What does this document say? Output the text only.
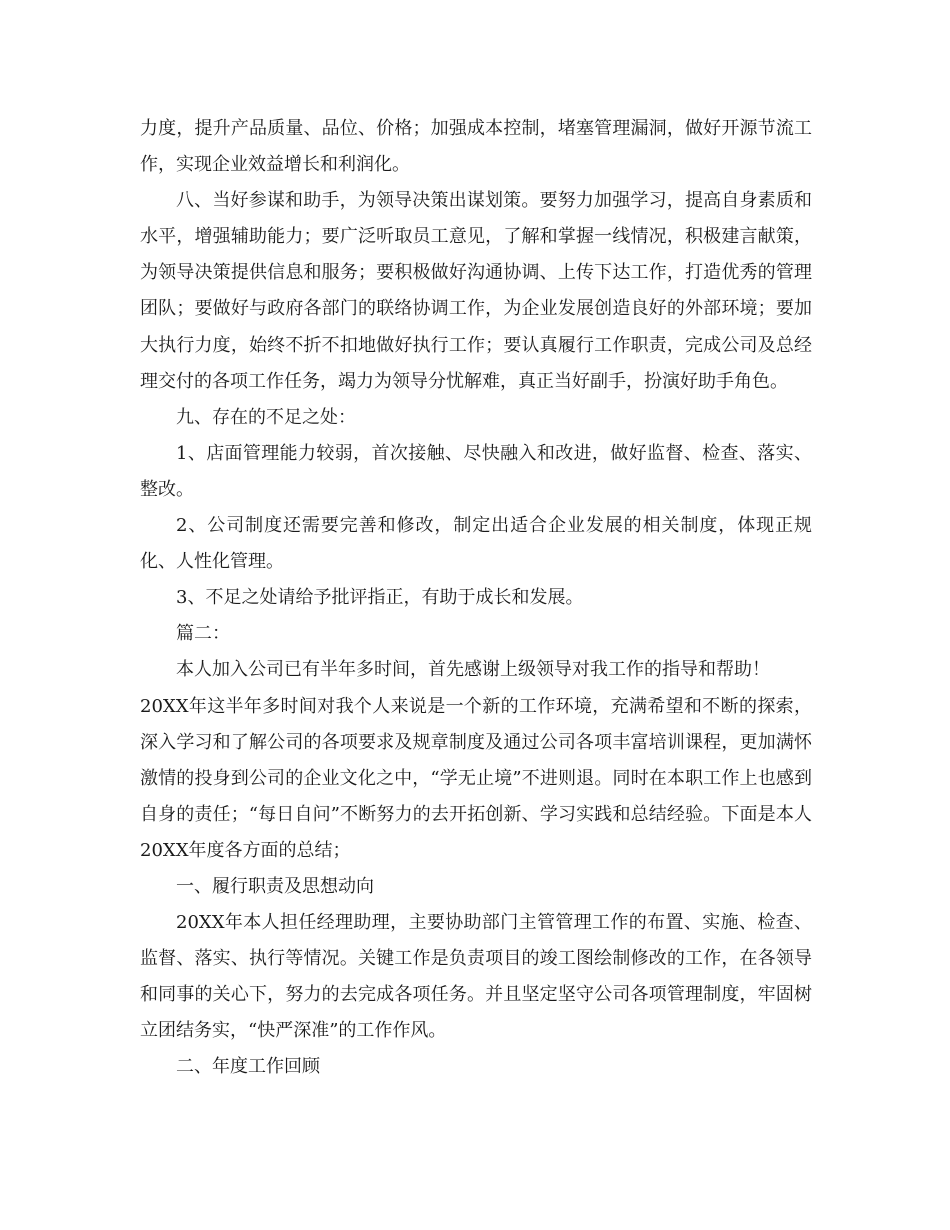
力度，提升产品质量、品位、价格；加强成本控制，堵塞管理漏洞，做好开源节流工作，实现企业效益增长和利润化。

八、当好参谋和助手，为领导决策出谋划策。要努力加强学习，提高自身素质和水平，增强辅助能力；要广泛听取员工意见，了解和掌握一线情况，积极建言献策，为领导决策提供信息和服务；要积极做好沟通协调、上传下达工作，打造优秀的管理团队；要做好与政府各部门的联络协调工作，为企业发展创造良好的外部环境；要加大执行力度，始终不折不扣地做好执行工作；要认真履行工作职责，完成公司及总经理交付的各项工作任务，竭力为领导分忧解难，真正当好副手，扮演好助手角色。

九、存在的不足之处：

1、店面管理能力较弱，首次接触、尽快融入和改进，做好监督、检查、落实、整改。

2、公司制度还需要完善和修改，制定出适合企业发展的相关制度，体现正规化、人性化管理。

3、不足之处请给予批评指正，有助于成长和发展。

篇二：

本人加入公司已有半年多时间，首先感谢上级领导对我工作的指导和帮助！

20XX年这半年多时间对我个人来说是一个新的工作环境，充满希望和不断的探索，深入学习和了解公司的各项要求及规章制度及通过公司各项丰富培训课程，更加满怀激情的投身到公司的企业文化之中，“学无止境”不进则退。同时在本职工作上也感到自身的责任；“每日自问”不断努力的去开拓创新、学习实践和总结经验。下面是本人20XX年度各方面的总结；

一、履行职责及思想动向

20XX年本人担任经理助理，主要协助部门主管管理工作的布置、实施、检查、监督、落实、执行等情况。关键工作是负责项目的竣工图绘制修改的工作，在各领导和同事的关心下，努力的去完成各项任务。并且坚定坚守公司各项管理制度，牢固树立团结务实，“快严深准”的工作作风。

二、年度工作回顾
